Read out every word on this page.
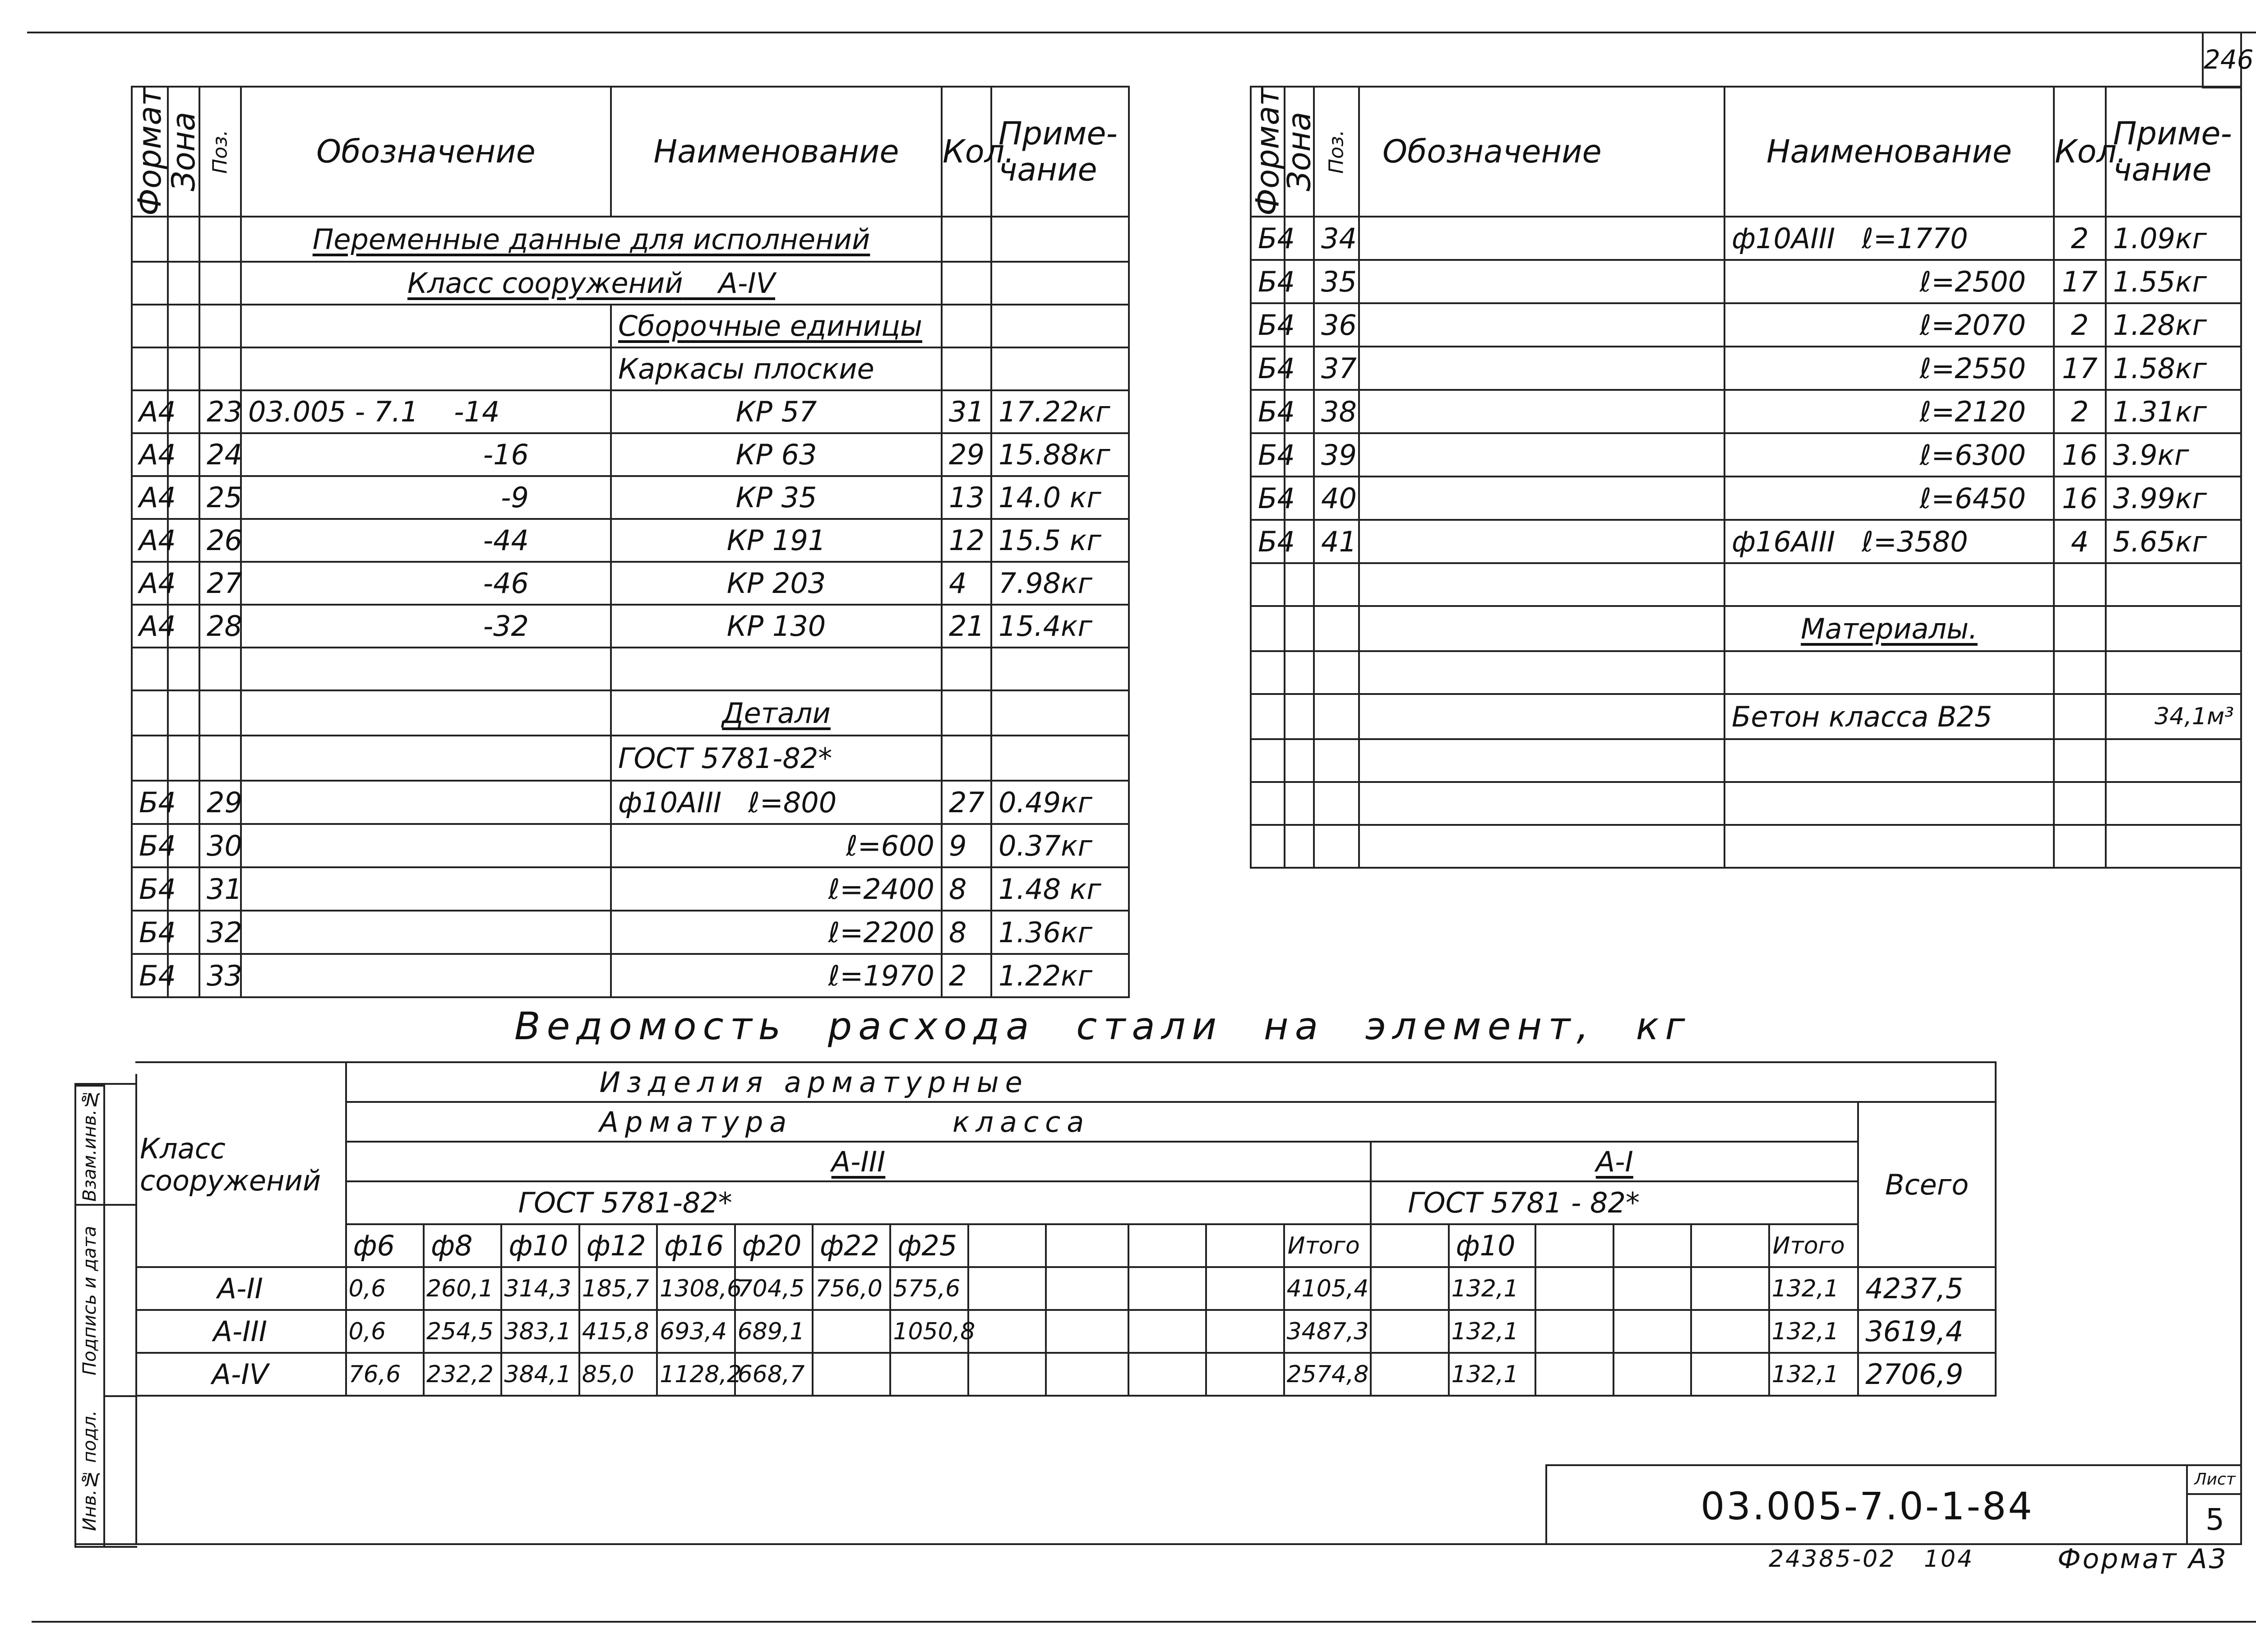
246
Формат	Зона	Поз.	Обозначение	Наименование	Кол.	Приме-
чание
			Переменные данные для исполнений			
			Класс сооружений А-IV			
				Сборочные единицы		
				Каркасы плоские		
А4		23	03.005 - 7.1    -14	КР 57	31	17.22кг
А4		24	-16	КР 63	29	15.88кг
А4		25	-9	КР 35	13	14.0 кг
А4		26	-44	КР 191	12	15.5 кг
А4		27	-46	КР 203	4	7.98кг
А4		28	-32	КР 130	21	15.4кг

				Детали		
				ГОСТ 5781-82*		
Б4		29		ф10АIII   ℓ=800	27	0.49кг
Б4		30		ℓ=600	9	0.37кг
Б4		31		ℓ=2400	8	1.48 кг
Б4		32		ℓ=2200	8	1.36кг
Б4		33		ℓ=1970	2	1.22кг
Формат	Зона	Поз.	Обозначение	Наименование	Кол.	Приме-
чание
Б4		34		ф10АIII   ℓ=1770	2	1.09кг
Б4		35		ℓ=2500	17	1.55кг
Б4		36		ℓ=2070	2	1.28кг
Б4		37		ℓ=2550	17	1.58кг
Б4		38		ℓ=2120	2	1.31кг
Б4		39		ℓ=6300	16	3.9кг
Б4		40		ℓ=6450	16	3.99кг
Б4		41		ф16АIII   ℓ=3580	4	5.65кг

				Материалы.		

				Бетон класса В25		34,1м³

Ведомость расхода стали на элемент, кг
Класс сооружений	Изделия арматурные																			
	Арматура класса																			Всего
	А-III													А-I						
	ГОСТ 5781-82*													ГОСТ 5781 - 82*						
	ф6	ф8	ф10	ф12	ф16	ф20	ф22	ф25					Итого		ф10				Итого	
А-II	0,6	260,1	314,3	185,7	1308,6	704,5	756,0	575,6					4105,4		132,1				132,1	4237,5
А-III	0,6	254,5	383,1	415,8	693,4	689,1		1050,8					3487,3		132,1				132,1	3619,4
А-IV	76,6	232,2	384,1	85,0	1128,2	668,7							2574,8		132,1				132,1	2706,9
Взам.инв.№
Подпись и дата
Инв.№ подл.	03.005-7.0-1-84
Лист
5
24385-02   104	Формат А3
